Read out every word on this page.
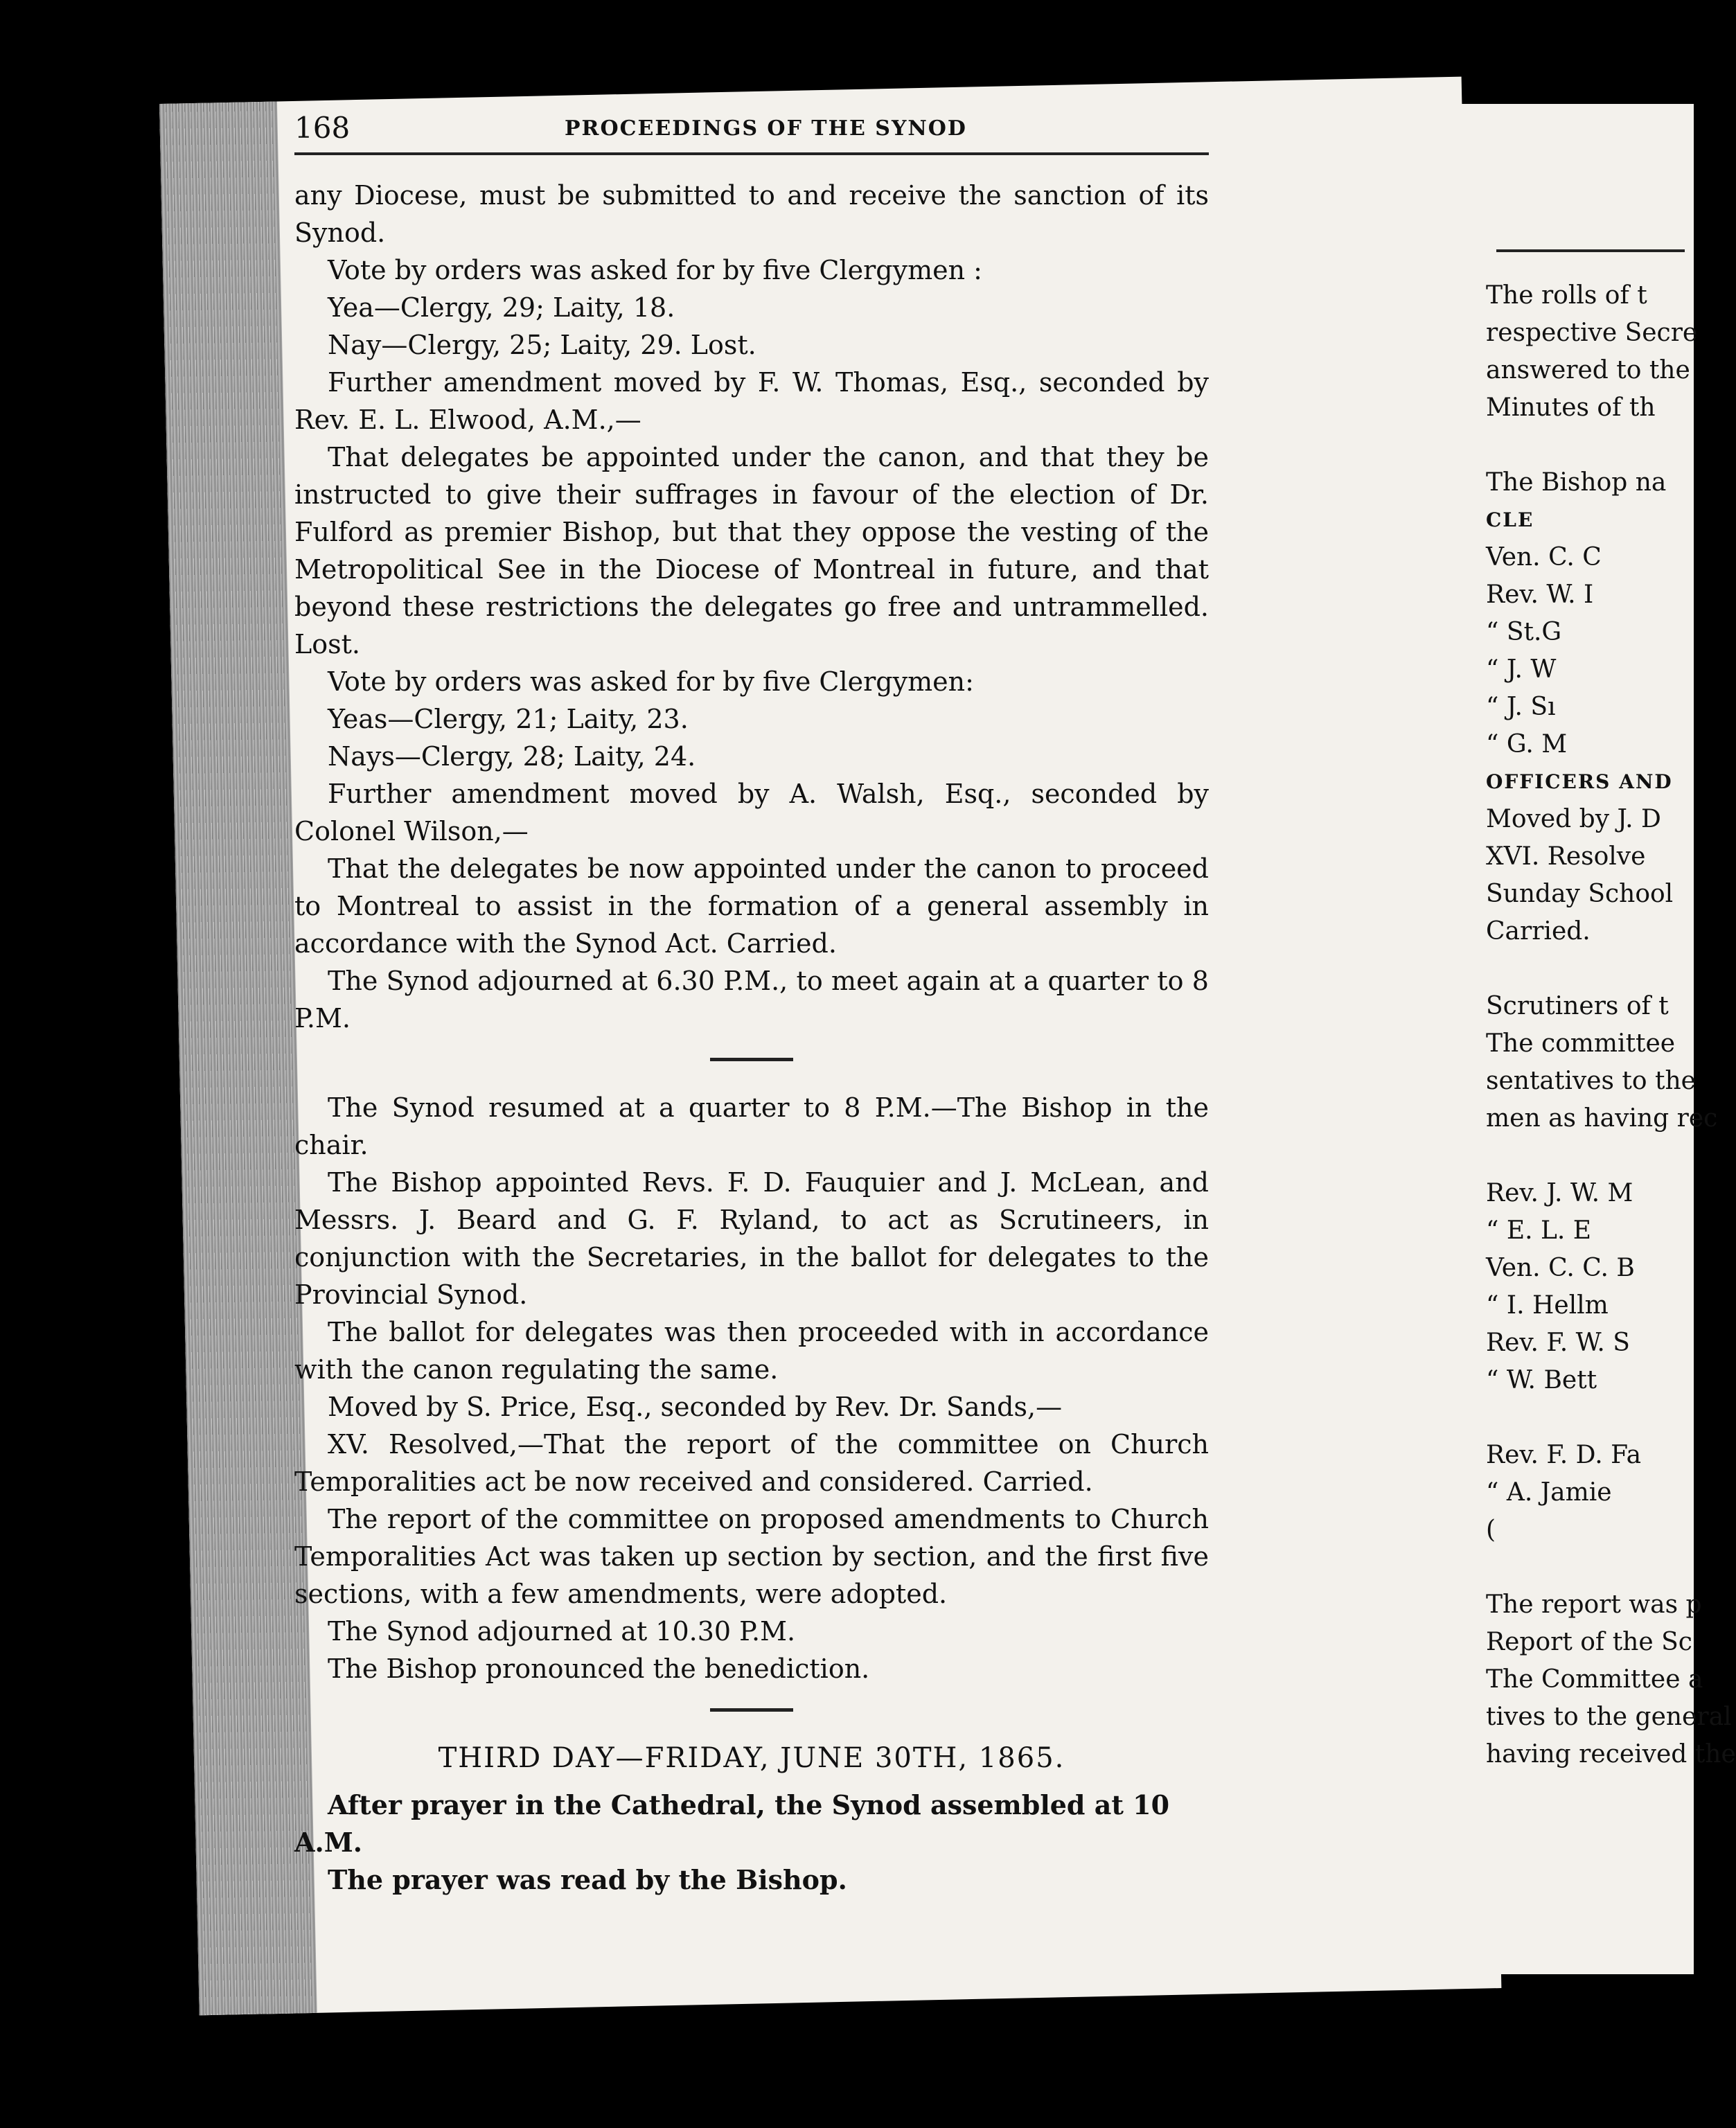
168	PROCEEDINGS OF THE SYNOD

any Diocese, must be submitted to and receive the sanction of its Synod.

Vote by orders was asked for by five Clergymen :

Yea—Clergy, 29; Laity, 18.

Nay—Clergy, 25; Laity, 29. Lost.

Further amendment moved by F. W. Thomas, Esq., seconded by Rev. E. L. Elwood, A.M.,—

That delegates be appointed under the canon, and that they be instructed to give their suffrages in favour of the election of Dr. Fulford as premier Bishop, but that they oppose the vesting of the Metropolitical See in the Diocese of Montreal in future, and that beyond these restrictions the delegates go free and untrammelled. Lost.

Vote by orders was asked for by five Clergymen:

Yeas—Clergy, 21; Laity, 23.

Nays—Clergy, 28; Laity, 24.

Further amendment moved by A. Walsh, Esq., seconded by Colonel Wilson,—

That the delegates be now appointed under the canon to proceed to Montreal to assist in the formation of a general assembly in accordance with the Synod Act. Carried.

The Synod adjourned at 6.30 P.M., to meet again at a quarter to 8 P.M.

The Synod resumed at a quarter to 8 P.M.—The Bishop in the chair.

The Bishop appointed Revs. F. D. Fauquier and J. McLean, and Messrs. J. Beard and G. F. Ryland, to act as Scrutineers, in conjunction with the Secretaries, in the ballot for delegates to the Provincial Synod.

The ballot for delegates was then proceeded with in accordance with the canon regulating the same.

Moved by S. Price, Esq., seconded by Rev. Dr. Sands,—

XV. Resolved,—That the report of the committee on Church Temporalities act be now received and considered. Carried.

The report of the committee on proposed amendments to Church Temporalities Act was taken up section by section, and the first five sections, with a few amendments, were adopted.

The Synod adjourned at 10.30 P.M.

The Bishop pronounced the benediction.

THIRD DAY—FRIDAY, JUNE 30TH, 1865.

After prayer in the Cathedral, the Synod assembled at 10 A.M.

The prayer was read by the Bishop.

The rolls of t

respective Secre

answered to the

Minutes of th

The Bishop na

CLE

Ven. C. C

Rev. W. I

“ St.G

“ J. W

“ J. Sı

“ G. M

OFFICERS AND

Moved by J. D

XVI. Resolve

Sunday School

Carried.

Scrutiners of t

The committee

sentatives to the

men as having rec

Rev. J. W. M

“ E. L. E

Ven. C. C. B

“ I. Hellm

Rev. F. W. S

“ W. Bett

Rev. F. D. Fa

“ A. Jamie

(

The report was p

Report of the Sc

The Committee a

tives to the general

having received the
